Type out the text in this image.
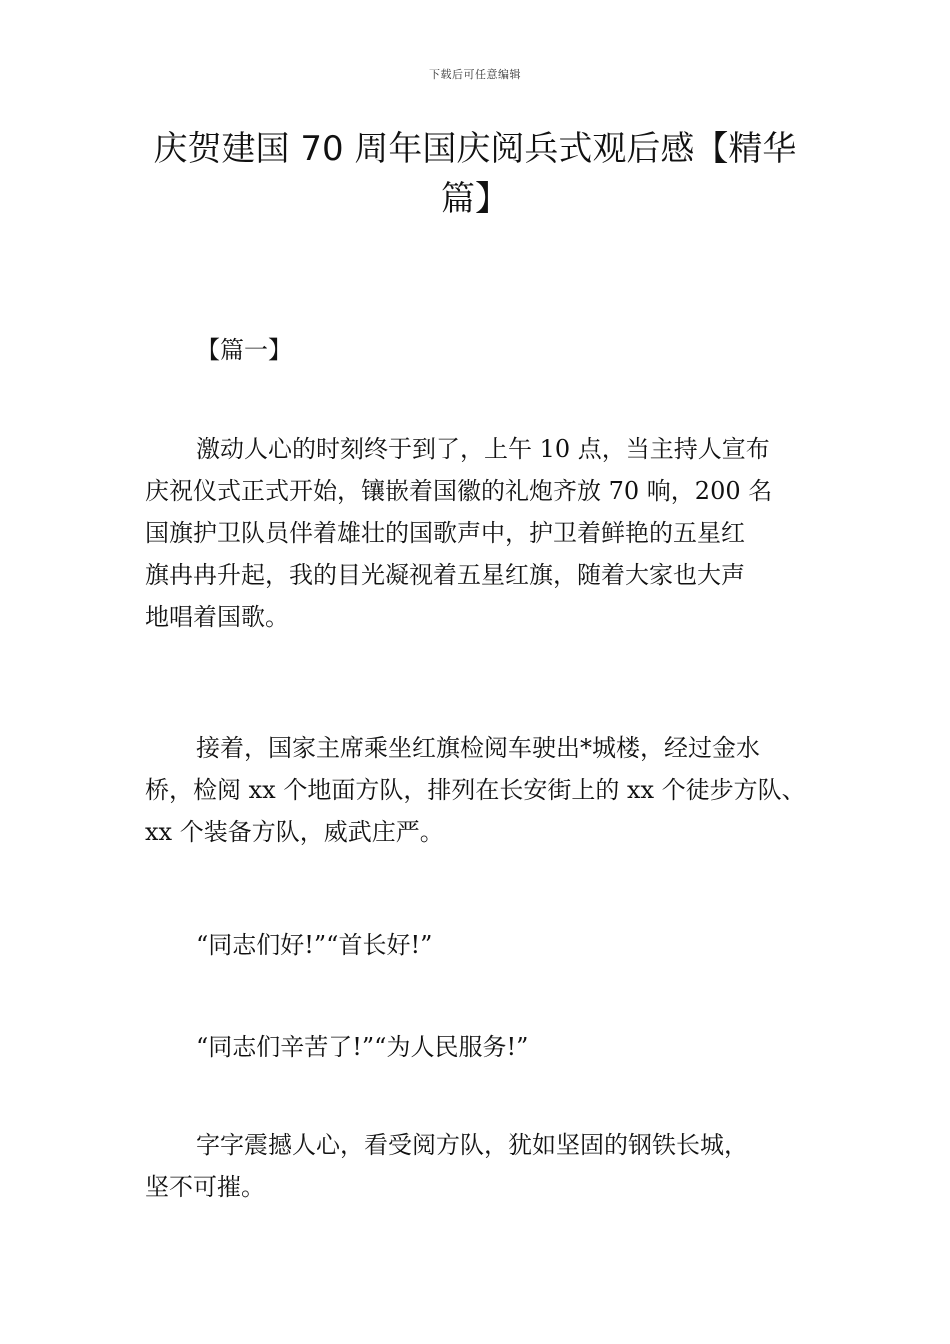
下载后可任意编辑
庆贺建国 70 周年国庆阅兵式观后感【精华
篇】
【篇一】

激动人心的时刻终于到了，上午 10 点，当主持人宣布
庆祝仪式正式开始，镶嵌着国徽的礼炮齐放 70 响，200 名
国旗护卫队员伴着雄壮的国歌声中，护卫着鲜艳的五星红
旗冉冉升起，我的目光凝视着五星红旗，随着大家也大声
地唱着国歌。

接着，国家主席乘坐红旗检阅车驶出*城楼，经过金水
桥，检阅 xx 个地面方队，排列在长安街上的 xx 个徒步方队、
xx 个装备方队，威武庄严。

“同志们好!”“首长好!”

“同志们辛苦了!”“为人民服务!”

字字震撼人心，看受阅方队，犹如坚固的钢铁长城，
坚不可摧。
